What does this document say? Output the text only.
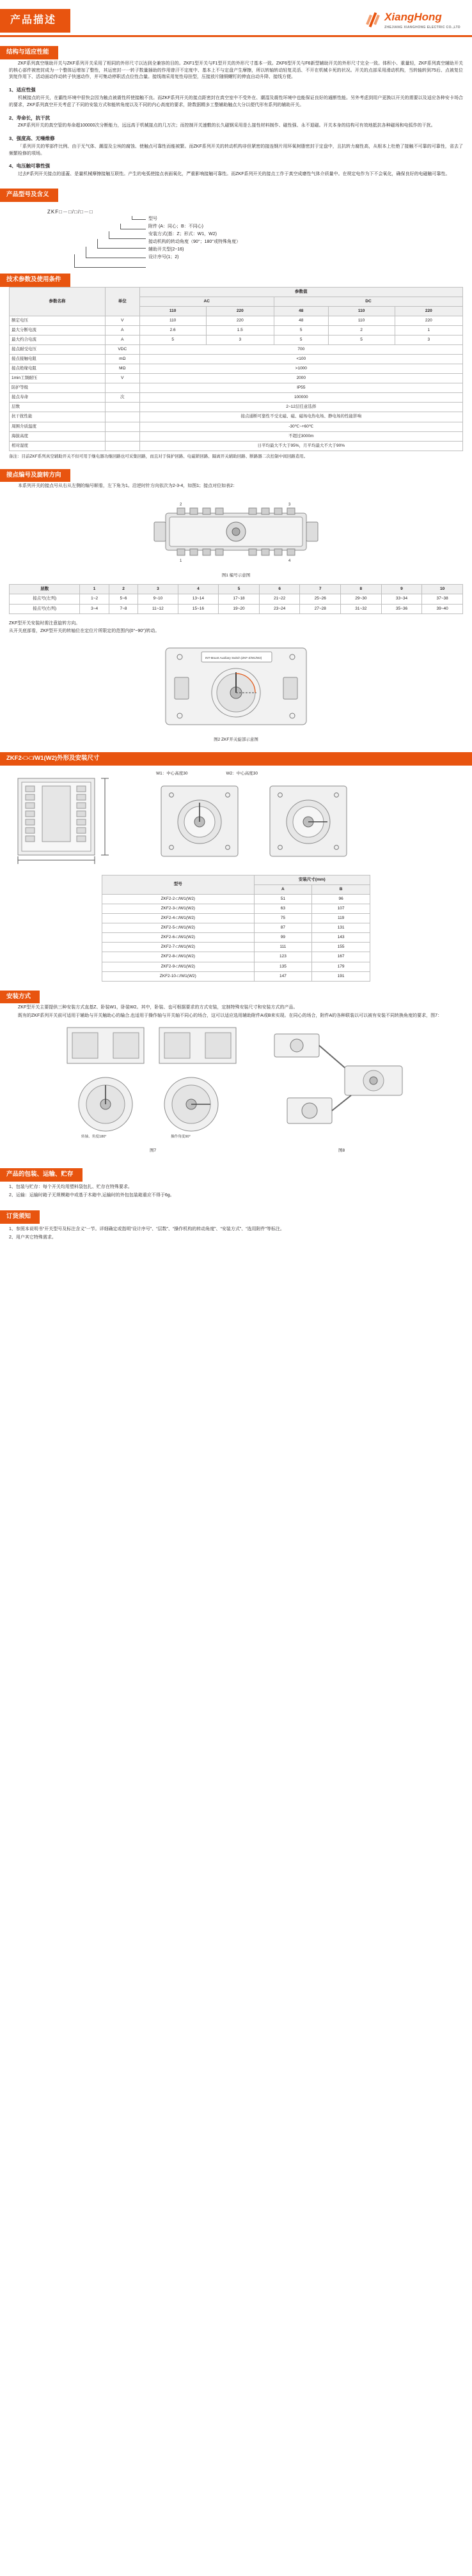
产品描述	XiangHong
ZHEJIANG XIANGHONG ELECTRIC CO.,LTD
结构与适应性能

ZKF系列真空继助开关与ZKF系列开关采用了相同的外形尺寸以达到全兼容的目的。ZKF1型开关与F1型开关的外形尺寸基本一致。ZKF6型开关与F6新型辅助开关的外形尺寸完全一致。体积小、重量轻，ZKF系列真空辅助开关的核心部件被密封成为一个整体运增加了整性，其运密封一一转子数量插助的作用曾汗不定度中、基本上不与定盘产生摩擦，所以转轴转动轻复灵活、不开在机械卡死的状况。开关的点部采用滑动机构，当转轴转到75后、点被复位到复作用下、活动面动作动转子快速动作，并可集动停职活点位性合量。接线端采用复性母挂型，压接放片随铜螺钉的伸直自动升降、接线方便。

1、适应性强

机械接点的开关，在霸性坏境中很快会因为触点被震性所使接触不良。而ZKF系列开关的接点距密封在真空室中不受外在、潮湿及震性环境中也能保证良好的通断性能。另外考虑到用户更换以开关的需要以及适应各种安卡场合的要求，ZKF系列真空开关考虑了不同的安装方式和能转角度以及不同的内心高度的要求，除数据精多工整辅助触点大分以便代形有系列的辅助开关。

2、寿命长，抗干扰

ZKF系列开关的真空管的寿命超100000次分断能力，远远高于机械接点的几万次；而控制开关速敷的长久磁钢采用是么接性材料制作、磁性强、永不退磁。开关本身的结构可有效地抵抗各种磁场和电弧作的干扰。

3、强度高、无噪维修

「系列开关的零部件比例、由于无气体、潮湿及尘埃的腐蚀、使触点可靠性而能被繁。而ZKF系列开关的转动机构非但紧密的接连钢片用环氧树脂密封于定盘中，且抗转力腐性高，从根本上杜绝了接触不可靠的可靠性，省去了频繁检修的项场。

4、电压触可靠性强

过去F系列开关接点的遥蓋、是量机械摩擦接触互联性。产生的电弧使接点表面氧化，严重影响接触可靠性。而ZKF系列开关的接点工作于真空成磨性气体介质量中。在规定电作为下不会氧化，确保良好的电磁触可靠性。

产品型号及含义
ZKF□－□/□/□－□
型号
附件 (A：同心；B：不同心)
安装方式(基：Z；形式：W1，W2)
接动机构的转动角度（90°；180°或特殊角度）
辅助开关型(2~16)
设计序号(1；2)
技术参数及使用条件
参数名称	单位	参数值				
		AC		DC		
		110	220	48	110	220
额定电压	V	110	220	48	110	220
最大分断电流	A	2.6	1.5	5	2	1
最大约合电流	A	5	3	5	5	3
接点耐受电压	VDC	700				
接点接触电阻	mΩ	<100				
接点绝缘电阻	MΩ	>1000				
1min工频耐压	V	2000				
防护等级		IP55				
接点寿命	次	100000				
层数		2~12层任意选择				
抗干扰性能		接点通断可靠性不受光磁、磁、磁场电热电场、静电场的性能影响				
周围介质温度		-30℃~+60℃				
海拔高度		不超过3000m				
相对湿度		日平均最大不大于95%，月平均最大不大于90%				
备注：目前ZKF系列真空辅助开关不但可用于继电器功继回路也可采集回路，而且对于保护回路、电磁锁回路、隔离开关辅助回路、断路器二次控制中间回路造用。
接点编号及旋转方向

本系列开关的接点号从右从左侧的编号顺看，左下角为1。沿逆时针方向依次为2-3-4，如图1；接点对位如表2：

1	4
2	3
图1 编号示意图
层数	1	2	3	4	5	6	7	8	9	10
接点号(左列)	1~2	5~6	9~10	13~14	17~18	21~22	25~26	29~30	33~34	37~38
接点号(右列)	3~4	7~8	11~12	15~16	19~20	23~24	27~28	31~32	35~36	39~40

ZKF型开关安装时需注意旋转方向。

从开关底部看，ZKF型开关的转轴位在定位片所限定的范围内(0°~90°)转动。

INT-Mount Auxiliary Switch (ZKF-Z/W1/W2)
图2 ZKF开关旋部示意图
ZKF2-□-□/W1(W2)外形及安装尺寸
W1：中心高度30	W2：中心高度30
型号	安装尺寸(mm)	
	A	B
ZKF2-2-□/W1(W2)	51	96
ZKF2-3-□/W1(W2)	63	107
ZKF2-4-□/W1(W2)	75	119
ZKF2-5-□/W1(W2)	87	131
ZKF2-6-□/W1(W2)	99	143
ZKF2-7-□/W1(W2)	111	155
ZKF2-8-□/W1(W2)	123	167
ZKF2-9-□/W1(W2)	135	179
ZKF2-10-□/W1(W2)	147	191
安装方式

ZKF型开关主要提供三种安装方式直基Z、卧装W1，卧装W2。其中，卧装、也可根据要求的方式安装，定制特殊安装尺寸和安装方式的产品。

既有的ZKF系列开关前可适用于辅助与开关触助心的输合,也适用于操作轴与开关轴不同心的场合，这可以适应选用辅助附件A或B来实现。在同心的场合，附件A的各种联装以可以被有安装不同转换角度的要求，图7：

转轴、角度180°	操作角度90°
图7	图8
产品的包装、运输、贮存
1、包装与贮存：每个开关均用塑料袋包扎、贮存在特殊要求。
2、运输：运输时箱子无规模箱中或基于木箱中,运输时的外包包装箱重应不得于6g。
订货须知
1、参照本说明书“开关型号及标注含义”一节。详细确定或指明“设计序号”、“层数”、“操作机构的转动角度”、“安装方式”、“选用附件”等标注。
2、用户其它特殊需求。
